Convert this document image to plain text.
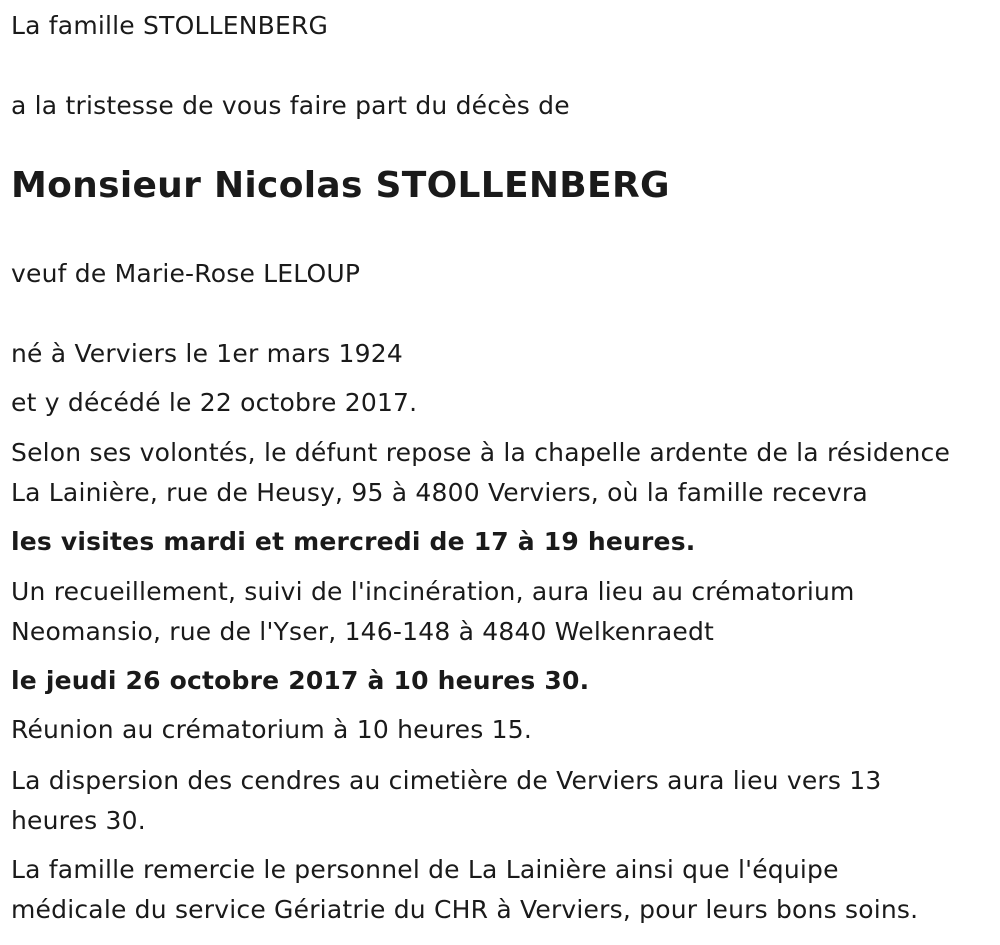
La famille STOLLENBERG

a la tristesse de vous faire part du décès de

Monsieur Nicolas STOLLENBERG

veuf de Marie-Rose LELOUP

né à Verviers le 1er mars 1924

et y décédé le 22 octobre 2017.

Selon ses volontés, le défunt repose à la chapelle ardente de la résidence

La Lainière, rue de Heusy, 95 à 4800 Verviers, où la famille recevra

les visites mardi et mercredi de 17 à 19 heures.

Un recueillement, suivi de l'incinération, aura lieu au crématorium

Neomansio, rue de l'Yser, 146-148 à 4840 Welkenraedt

le jeudi 26 octobre 2017 à 10 heures 30.

Réunion au crématorium à 10 heures 15.

La dispersion des cendres au cimetière de Verviers aura lieu vers 13

heures 30.

La famille remercie le personnel de La Lainière ainsi que l'équipe

médicale du service Gériatrie du CHR à Verviers, pour leurs bons soins.
